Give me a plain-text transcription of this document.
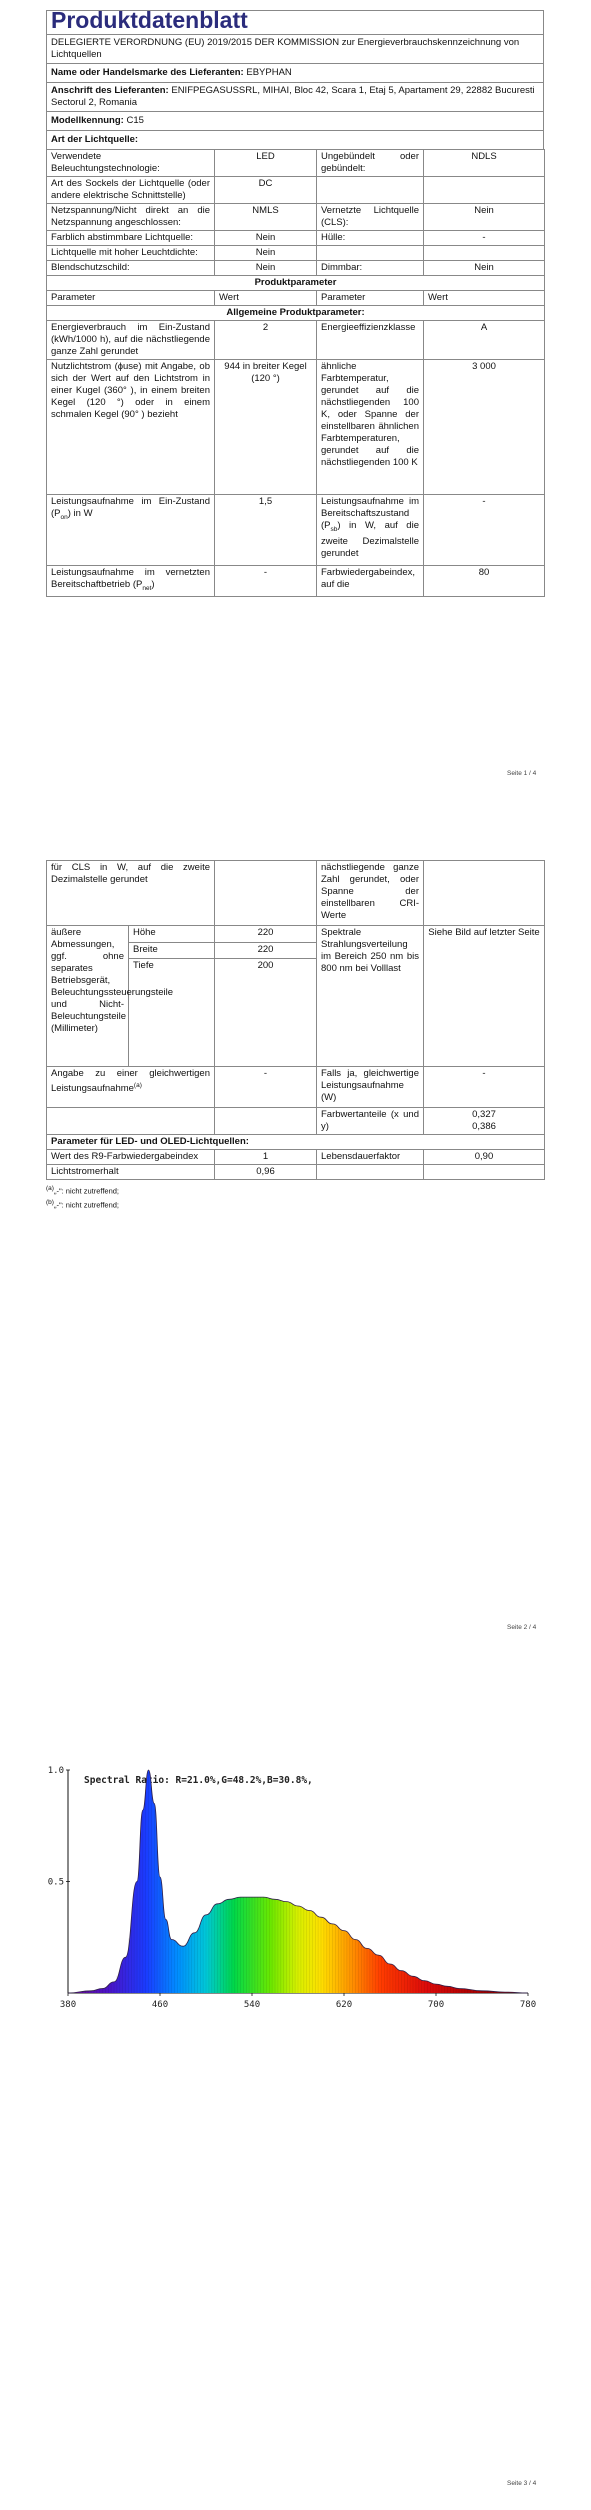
Produktdatenblatt
DELEGIERTE VERORDNUNG (EU) 2019/2015 DER KOMMISSION zur Energieverbrauchskennzeichnung von Lichtquellen
Name oder Handelsmarke des Lieferanten: EBYPHAN
Anschrift des Lieferanten: ENIFPEGASUSSRL, MIHAI, Bloc 42, Scara 1, Etaj 5, Apartament 29, 22882 Bucuresti Sectorul 2, Romania
Modellkennung: C15
Art der Lichtquelle:
Verwendete Beleuchtungstechnologie:	LED	Ungebündelt oder gebündelt:	NDLS
Art des Sockels der Lichtquelle (oder andere elektrische Schnittstelle)	DC		
Netzspannung/Nicht direkt an die Netzspannung angeschlossen:	NMLS	Vernetzte Lichtquelle (CLS):	Nein
Farblich abstimmbare Lichtquelle:	Nein	Hülle:	-
Lichtquelle mit hoher Leuchtdichte:	Nein		
Blendschutzschild:	Nein	Dimmbar:	Nein
Produktparameter			
Parameter	Wert	Parameter	Wert
Allgemeine Produktparameter:			
Energieverbrauch im Ein-Zustand (kWh/1000 h), auf die nächstliegende ganze Zahl gerundet	2	Energieeffizienzklasse	A
Nutzlichtstrom (ɸuse) mit Angabe, ob sich der Wert auf den Lichtstrom in einer Kugel (360° ), in einem breiten Kegel (120 °) oder in einem schmalen Kegel (90° ) bezieht	944 in breiter Kegel (120 °)	ähnliche Farbtemperatur, gerundet auf die nächstliegenden 100 K, oder Spanne der einstellbaren ähnlichen Farbtemperaturen, gerundet auf die nächstliegenden 100 K	3 000
Leistungsaufnahme im Ein-Zustand $(P_{on})$ in W	1,5	Leistungsaufnahme im Bereitschaftszustand $(P_{sb})$ in W, auf die zweite Dezimalstelle gerundet	-
Leistungsaufnahme im vernetzten Bereitschaftbetrieb $(P_{net})$	-	Farbwiedergabeindex, auf die	80
Seite 1 / 4
für CLS in W, auf die zweite Dezimalstelle gerundet			nächstliegende ganze Zahl gerundet, oder Spanne der einstellbaren CRI-Werte	
äußere Abmessungen, ggf. ohne separates Betriebsgerät, Beleuchtungssteuerungsteile und Nicht-Beleuchtungsteile (Millimeter)	Höhe	220	Spektrale Strahlungsverteilung im Bereich 250 nm bis 800 nm bei Volllast	Siehe Bild auf letzter Seite
	Breite	220		
	Tiefe	200		
Angabe zu einer gleichwertigen Leistungsaufnahme$^{(a)}$		-	Falls ja, gleichwertige Leistungsaufnahme (W)	-
			Farbwertanteile (x und y)	0,327
0,386

Parameter für LED- und OLED-Lichtquellen:				
Wert des R9-Farbwiedergabeindex		1	Lebensdauerfaktor	0,90
Lichtstromerhalt		0,96		
$^{(a)}$„-": nicht zutreffend;
$^{(b)}$„-": nicht zutreffend;
Seite 2 / 4
Spectral Ratio: R=21.0%,G=48.2%,B=30.8%,
0.5
1.0
380	460	540	620	700	780
Seite 3 / 4
